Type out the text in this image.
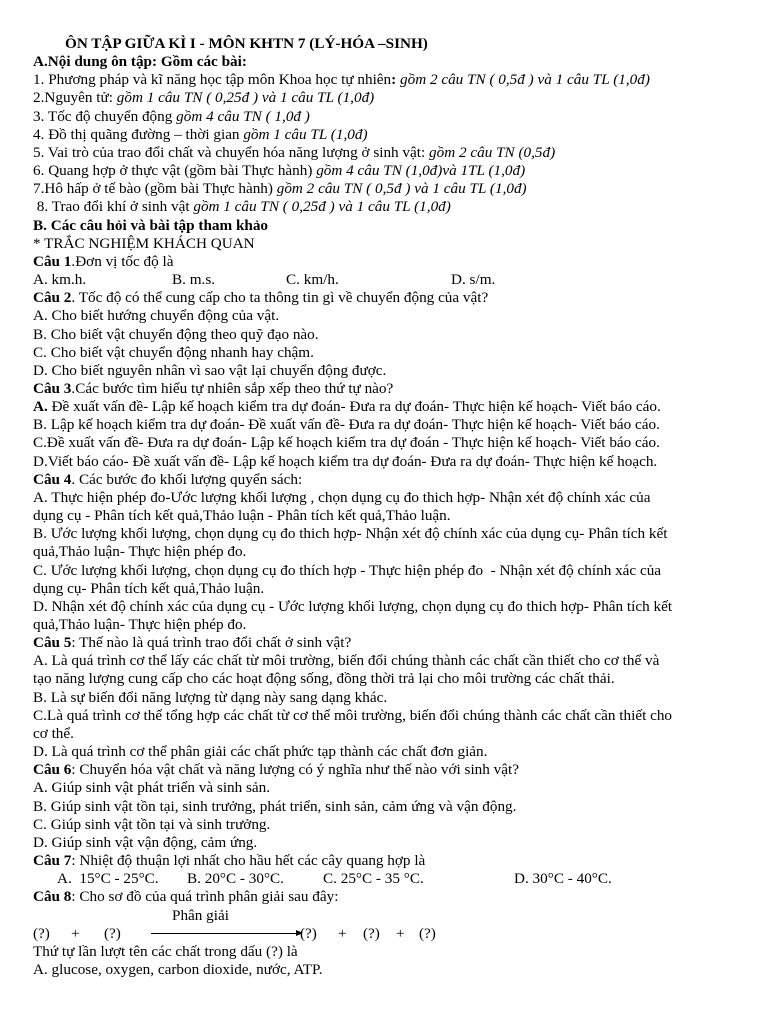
ÔN TẬP GIỮA KÌ I - MÔN KHTN 7 (LÝ-HÓA –SINH)
A.Nội dung ôn tập: Gồm các bài:
1. Phương pháp và kĩ năng học tập môn Khoa học tự nhiên: gồm 2 câu TN ( 0,5đ ) và 1 câu TL (1,0đ)
2.Nguyên tử: gồm 1 câu TN ( 0,25đ ) và 1 câu TL (1,0đ)
3. Tốc độ chuyển động gồm 4 câu TN ( 1,0đ )
4. Đồ thị quãng đường – thời gian gồm 1 câu TL (1,0đ)
5. Vai trò của trao đổi chất và chuyển hóa năng lượng ở sinh vật: gồm 2 câu TN (0,5đ)
6. Quang hợp ở thực vật (gồm bài Thực hành) gồm 4 câu TN (1,0đ)và 1TL (1,0đ)
7.Hô hấp ở tế bào (gồm bài Thực hành) gồm 2 câu TN ( 0,5đ ) và 1 câu TL (1,0đ)
8. Trao đổi khí ở sinh vật gồm 1 câu TN ( 0,25đ ) và 1 câu TL (1,0đ)
B. Các câu hỏi và bài tập tham khảo
* TRẮC NGHIỆM KHÁCH QUAN
Câu 1.Đơn vị tốc độ là
A. km.h.	B. m.s.	C. km/h.	D. s/m.
Câu 2. Tốc độ có thể cung cấp cho ta thông tin gì về chuyển động của vật?
A. Cho biết hướng chuyển động của vật.
B. Cho biết vật chuyển động theo quỹ đạo nào.
C. Cho biết vật chuyển động nhanh hay chậm.
D. Cho biết nguyên nhân vì sao vật lại chuyển động được.
Câu 3.Các bước tìm hiểu tự nhiên sắp xếp theo thứ tự nào?
A. Đề xuất vấn đề- Lập kế hoạch kiểm tra dự đoán- Đưa ra dự đoán- Thực hiện kế hoạch- Viết báo cáo.
B. Lập kế hoạch kiểm tra dự đoán- Đề xuất vấn đề- Đưa ra dự đoán- Thực hiện kế hoạch- Viết báo cáo.
C.Đề xuất vấn đề- Đưa ra dự đoán- Lập kế hoạch kiểm tra dự đoán - Thực hiện kế hoạch- Viết báo cáo.
D.Viết báo cáo- Đề xuất vấn đề- Lập kế hoạch kiểm tra dự đoán- Đưa ra dự đoán- Thực hiện kế hoạch.
Câu 4. Các bước đo khối lượng quyển sách:
A. Thực hiện phép đo-Ước lượng khối lượng , chọn dụng cụ đo thich hợp- Nhận xét độ chính xác của
dụng cụ - Phân tích kết quả,Thảo luận - Phân tích kết quả,Thảo luận.
B. Ước lượng khối lượng, chọn dụng cụ đo thich hợp- Nhận xét độ chính xác của dụng cụ- Phân tích kết
quả,Thảo luận- Thực hiện phép đo.
C. Ước lượng khối lượng, chọn dụng cụ đo thích hợp - Thực hiện phép đo  - Nhận xét độ chính xác của
dụng cụ- Phân tích kết quả,Thảo luận.
D. Nhận xét độ chính xác của dụng cụ - Ước lượng khối lượng, chọn dụng cụ đo thich hợp- Phân tích kết
quả,Thảo luận- Thực hiện phép đo.
Câu 5: Thế nào là quá trình trao đổi chất ở sinh vật?
A. Là quá trình cơ thể lấy các chất từ môi trường, biến đổi chúng thành các chất cần thiết cho cơ thể và
tạo năng lượng cung cấp cho các hoạt động sống, đồng thời trả lại cho môi trường các chất thải.
B. Là sự biến đổi năng lượng từ dạng này sang dạng khác.
C.Là quá trình cơ thể tổng hợp các chất từ cơ thể môi trường, biến đổi chúng thành các chất cần thiết cho
cơ thể.
D. Là quá trình cơ thể phân giải các chất phức tạp thành các chất đơn giản.
Câu 6: Chuyển hóa vật chất và năng lượng có ý nghĩa như thế nào với sinh vật?
A. Giúp sinh vật phát triển và sinh sản.
B. Giúp sinh vật tồn tại, sinh trưởng, phát triển, sinh sản, cảm ứng và vận động.
C. Giúp sinh vật tồn tại và sinh trưởng.
D. Giúp sinh vật vận động, cảm ứng.
Câu 7: Nhiệt độ thuận lợi nhất cho hầu hết các cây quang hợp là
A.  15°C - 25°C.	B. 20°C - 30°C.	C. 25°C - 35 °C.	D. 30°C - 40°C.
Câu 8: Cho sơ đồ của quá trình phân giải sau đây:
Phân giải

(?) + (?)	(?) + (?) + (?)
Thứ tự lần lượt tên các chất trong dấu (?) là
A. glucose, oxygen, carbon dioxide, nước, ATP.
